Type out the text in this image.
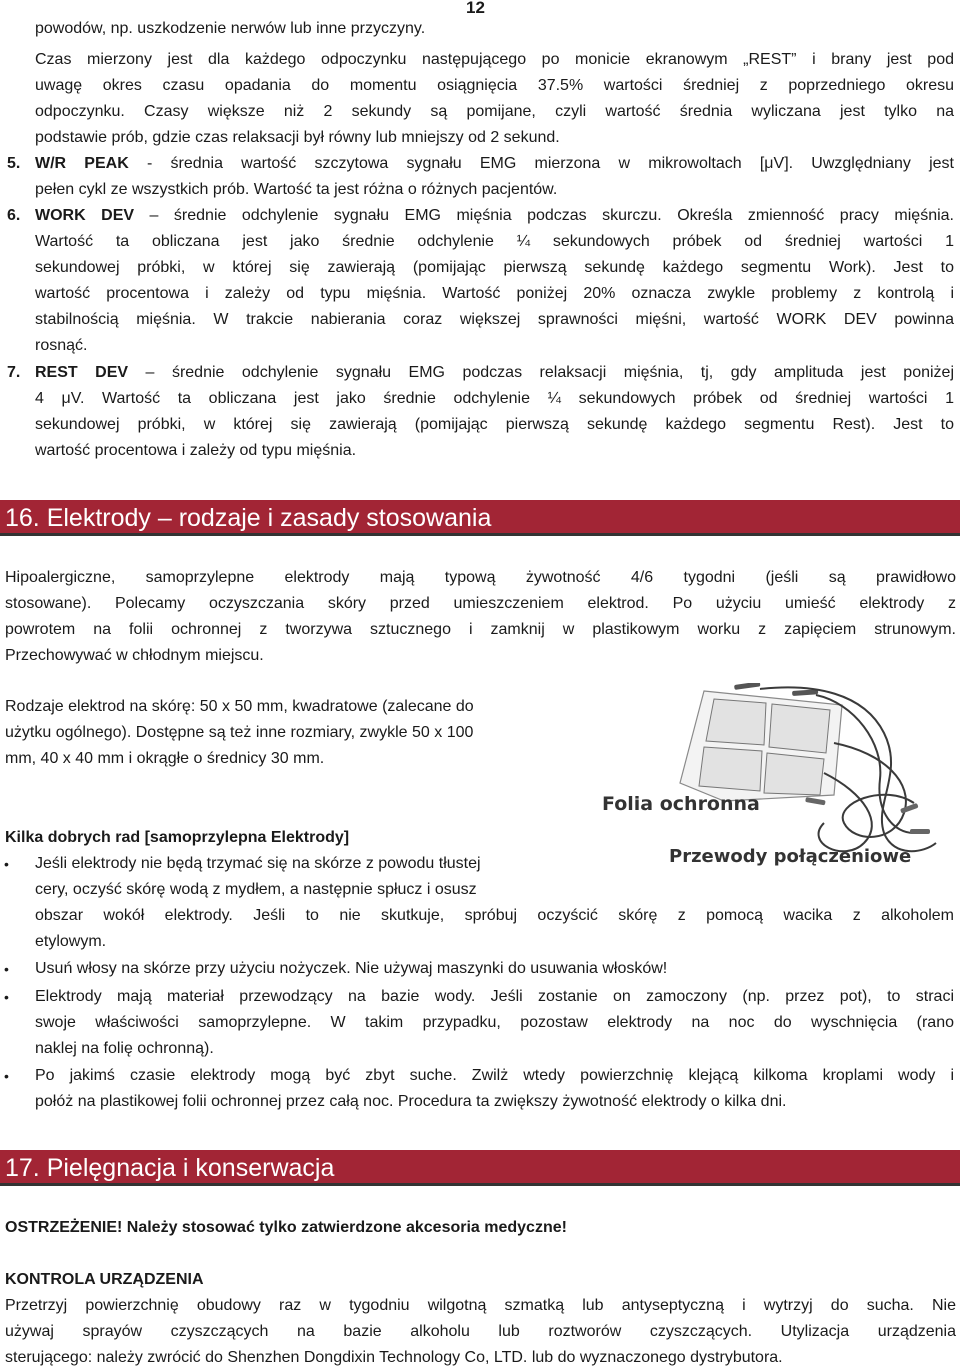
12
powodów, np. uszkodzenie nerwów lub inne przyczyny.
Czas mierzony jest dla każdego odpoczynku następującego po monicie ekranowym „REST” i brany jest pod
uwagę okres czasu opadania do momentu osiągnięcia 37.5% wartości średniej z poprzedniego okresu
odpoczynku. Czasy większe niż 2 sekundy są pomijane, czyli wartość średnia wyliczana jest tylko na
podstawie prób, gdzie czas relaksacji był równy lub mniejszy od 2 sekund.
5. W/R PEAK - średnia wartość szczytowa sygnału EMG mierzona w mikrowoltach [μV]. Uwzględniany jest
pełen cykl ze wszystkich prób. Wartość ta jest różna o różnych pacjentów.
6. WORK DEV – średnie odchylenie sygnału EMG mięśnia podczas skurczu. Określa zmienność pracy mięśnia.
Wartość ta obliczana jest jako średnie odchylenie ¼ sekundowych próbek od średniej wartości 1
sekundowej próbki, w której się zawierają (pomijając pierwszą sekundę każdego segmentu Work). Jest to
wartość procentowa i zależy od typu mięśnia. Wartość poniżej 20% oznacza zwykle problemy z kontrolą i
stabilnością mięśnia. W trakcie nabierania coraz większej sprawności mięśni, wartość WORK DEV powinna
rosnąć.
7. REST DEV – średnie odchylenie sygnału EMG podczas relaksacji mięśnia, tj, gdy amplituda jest poniżej
4 μV. Wartość ta obliczana jest jako średnie odchylenie ¼ sekundowych próbek od średniej wartości 1
sekundowej próbki, w której się zawierają (pomijając pierwszą sekundę każdego segmentu Rest). Jest to
wartość procentowa i zależy od typu mięśnia.
16. Elektrody – rodzaje i zasady stosowania
Hipoalergiczne, samoprzylepne elektrody mają typową żywotność 4/6 tygodni (jeśli są prawidłowo
stosowane). Polecamy oczyszczania skóry przed umieszczeniem elektrod. Po użyciu umieść elektrody z
powrotem na folii ochronnej z tworzywa sztucznego i zamknij w plastikowym worku z zapięciem strunowym.
Przechowywać w chłodnym miejscu.
Rodzaje elektrod na skórę: 50 x 50 mm, kwadratowe (zalecane do
użytku ogólnego). Dostępne są też inne rozmiary, zwykle 50 x 100
mm, 40 x 40 mm i okrągłe o średnicy 30 mm.
Kilka dobrych rad [samoprzylepna Elektrody]
• Jeśli elektrody nie będą trzymać się na skórze z powodu tłustej
cery, oczyść skórę wodą z mydłem, a następnie spłucz i osusz
obszar wokół elektrody. Jeśli to nie skutkuje, spróbuj oczyścić skórę z pomocą wacika z alkoholem
etylowym.
• Usuń włosy na skórze przy użyciu nożyczek. Nie używaj maszynki do usuwania włosków!
• Elektrody mają materiał przewodzący na bazie wody. Jeśli zostanie on zamoczony (np. przez pot), to straci
swoje właściwości samoprzylepne. W takim przypadku, pozostaw elektrody na noc do wyschnięcia (rano
naklej na folię ochronną).
• Po jakimś czasie elektrody mogą być zbyt suche. Zwilż wtedy powierzchnię klejącą kilkoma kroplami wody i
połóż na plastikowej folii ochronnej przez całą noc. Procedura ta zwiększy żywotność elektrody o kilka dni.
Folia ochronna
Przewody połączeniowe
17. Pielęgnacja i konserwacja
OSTRZEŻENIE! Należy stosować tylko zatwierdzone akcesoria medyczne!
KONTROLA URZĄDZENIA
Przetrzyj powierzchnię obudowy raz w tygodniu wilgotną szmatką lub antyseptyczną i wytrzyj do sucha. Nie
używaj sprayów czyszczących na bazie alkoholu lub roztworów czyszczących. Utylizacja urządzenia
sterującego: należy zwrócić do Shenzhen Dongdixin Technology Co, LTD. lub do wyznaczonego dystrybutora.
